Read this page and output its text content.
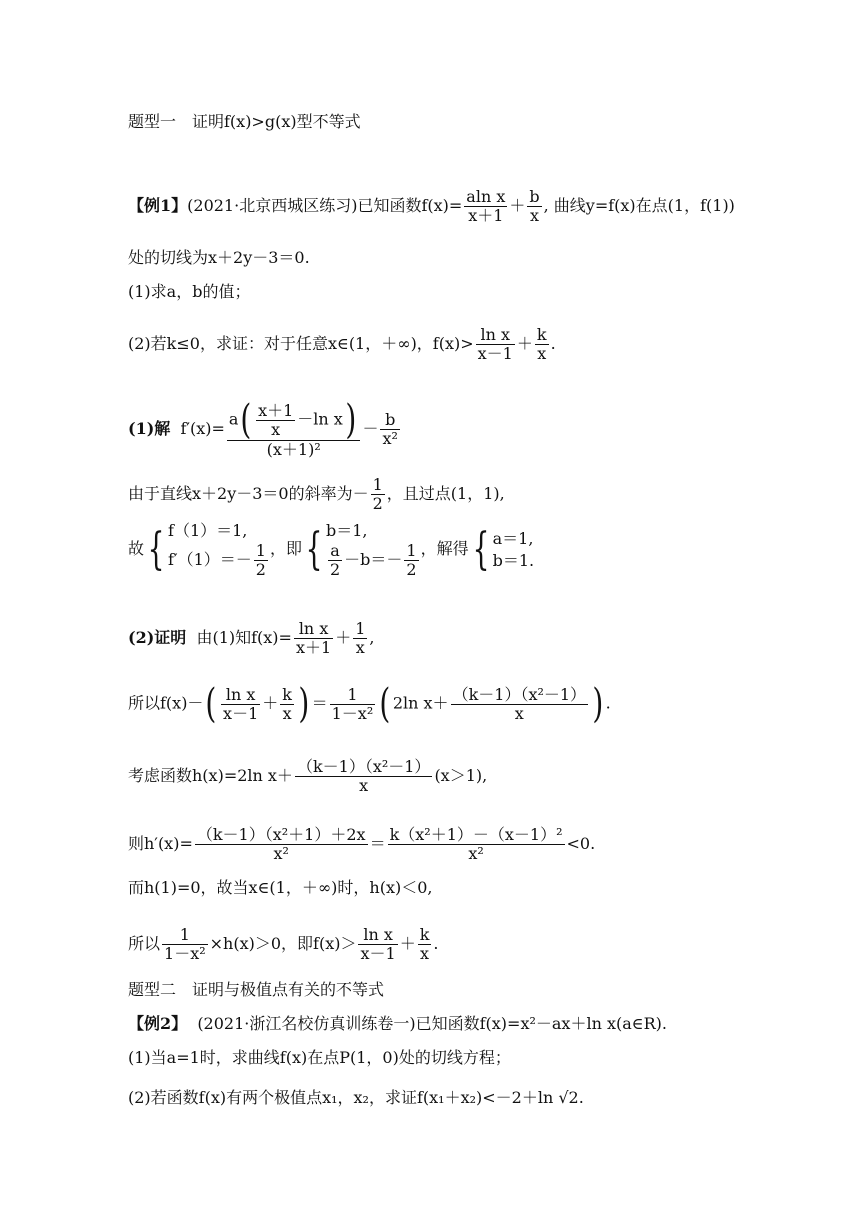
题型一　证明f(x)>g(x)型不等式
【例1】(2021·北京西城区练习)已知函数$f(x)= \frac{\text{aln x}}{x+1} + \frac{b}{x}$ , 曲线y=f(x)在点(1，f(1))
处的切线为x＋2y－3＝0.
(1)求a，b的值；
(2)若k≤0，求证：对于任意x∈(1，＋∞)，$f(x)> \frac{\text{ln x}}{x-1} + \frac{k}{x}$ .
(1)解 $f'(x)= \frac{a( \frac{x+1}{x} -\ln x)}{\text{(x＋1)²}} - \frac{b}{\text{x²}}$
由于直线x＋2y－3＝0的斜率为－ $\frac{1}{2}$ ，且过点(1，1),
故{ f（1）＝1,
$f'(1)=- \frac{1}{2}$ ，即{ b＝1,
$\frac{a}{2} -b=- \frac{1}{2}$ ，解得{ a＝1,
b＝1.
(2)证明 由(1)知$f(x)= \frac{\text{ln x}}{x+1} + \frac{1}{x}$ ,
所以$f(x)-( \frac{\text{ln x}}{x-1} + \frac{k}{x}$ ) ＝ $\frac{1}{\text{1－x²}}$ ( 2ln $x+ \frac{\text{（k－1）（x²－1）}}{x}$ ) .
考虑函数h(x)=2ln $x+ \frac{\text{（k－1）（x²－1）}}{x} (x>1)$,
则$h'(x)= \frac{\text{（k－1）（x²＋1）＋2x}}{\text{x²}} = \frac{\text{k（x²＋1）－（x－1）²}}{\text{x²}} <0$.
而h(1)=0，故当x∈(1，＋∞)时，h(x)＜0,
所以 $\frac{1}{\text{1－x²}} \times h(x)>0$，即$f(x)> \frac{\text{ln x}}{x-1} + \frac{k}{x}$ .
题型二　证明与极值点有关的不等式
【例2】 (2021·浙江名校仿真训练卷一)已知函数f(x)=x²－ax＋ln x(a∈R).
(1)当a=1时，求曲线f(x)在点P(1，0)处的切线方程；
(2)若函数f(x)有两个极值点x₁，x₂，求证f(x₁＋x₂)<－2＋ln √2.
